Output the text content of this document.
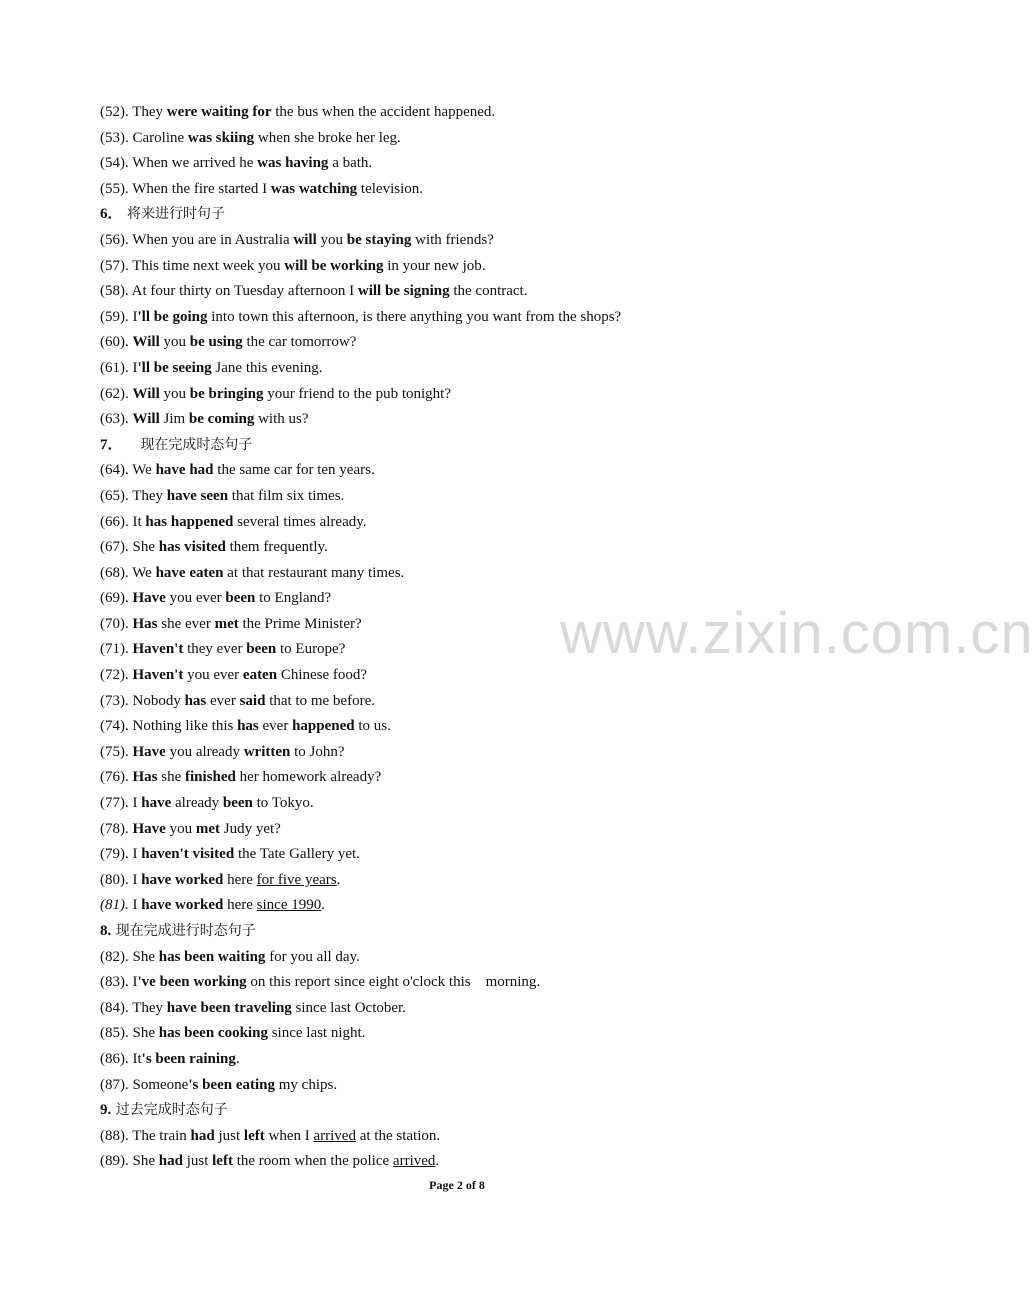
(52). They were waiting for the bus when the accident happened.
(53). Caroline was skiing when she broke her leg.
(54). When we arrived he was having a bath.
(55). When the fire started I was watching television.
6． 将来进行时句子
(56). When you are in Australia will you be staying with friends?
(57). This time next week you will be working in your new job.
(58). At four thirty on Tuesday afternoon I will be signing the contract.
(59). I'll be going into town this afternoon, is there anything you want from the shops?
(60). Will you be using the car tomorrow?
(61). I'll be seeing Jane this evening.
(62). Will you be bringing your friend to the pub tonight?
(63). Will Jim be coming with us?
7． 现在完成时态句子
(64). We have had the same car for ten years.
(65). They have seen that film six times.
(66). It has happened several times already.
(67). She has visited them frequently.
(68). We have eaten at that restaurant many times.
(69). Have you ever been to England?
(70). Has she ever met the Prime Minister?
(71). Haven't they ever been to Europe?
(72). Haven't you ever eaten Chinese food?
(73). Nobody has ever said that to me before.
(74). Nothing like this has ever happened to us.
(75). Have you already written to John?
(76). Has she finished her homework already?
(77). I have already been to Tokyo.
(78). Have you met Judy yet?
(79). I haven't visited the Tate Gallery yet.
(80). I have worked here for five years.
(81). I have worked here since 1990.
8. 现在完成进行时态句子
(82). She has been waiting for you all day.
(83). I've been working on this report since eight o'clock this    morning.
(84). They have been traveling since last October.
(85). She has been cooking since last night.
(86). It's been raining.
(87). Someone's been eating my chips.
9. 过去完成时态句子
(88). The train had just left when I arrived at the station.
(89). She had just left the room when the police arrived.
www.zixin.com.cn
Page 2 of 8
